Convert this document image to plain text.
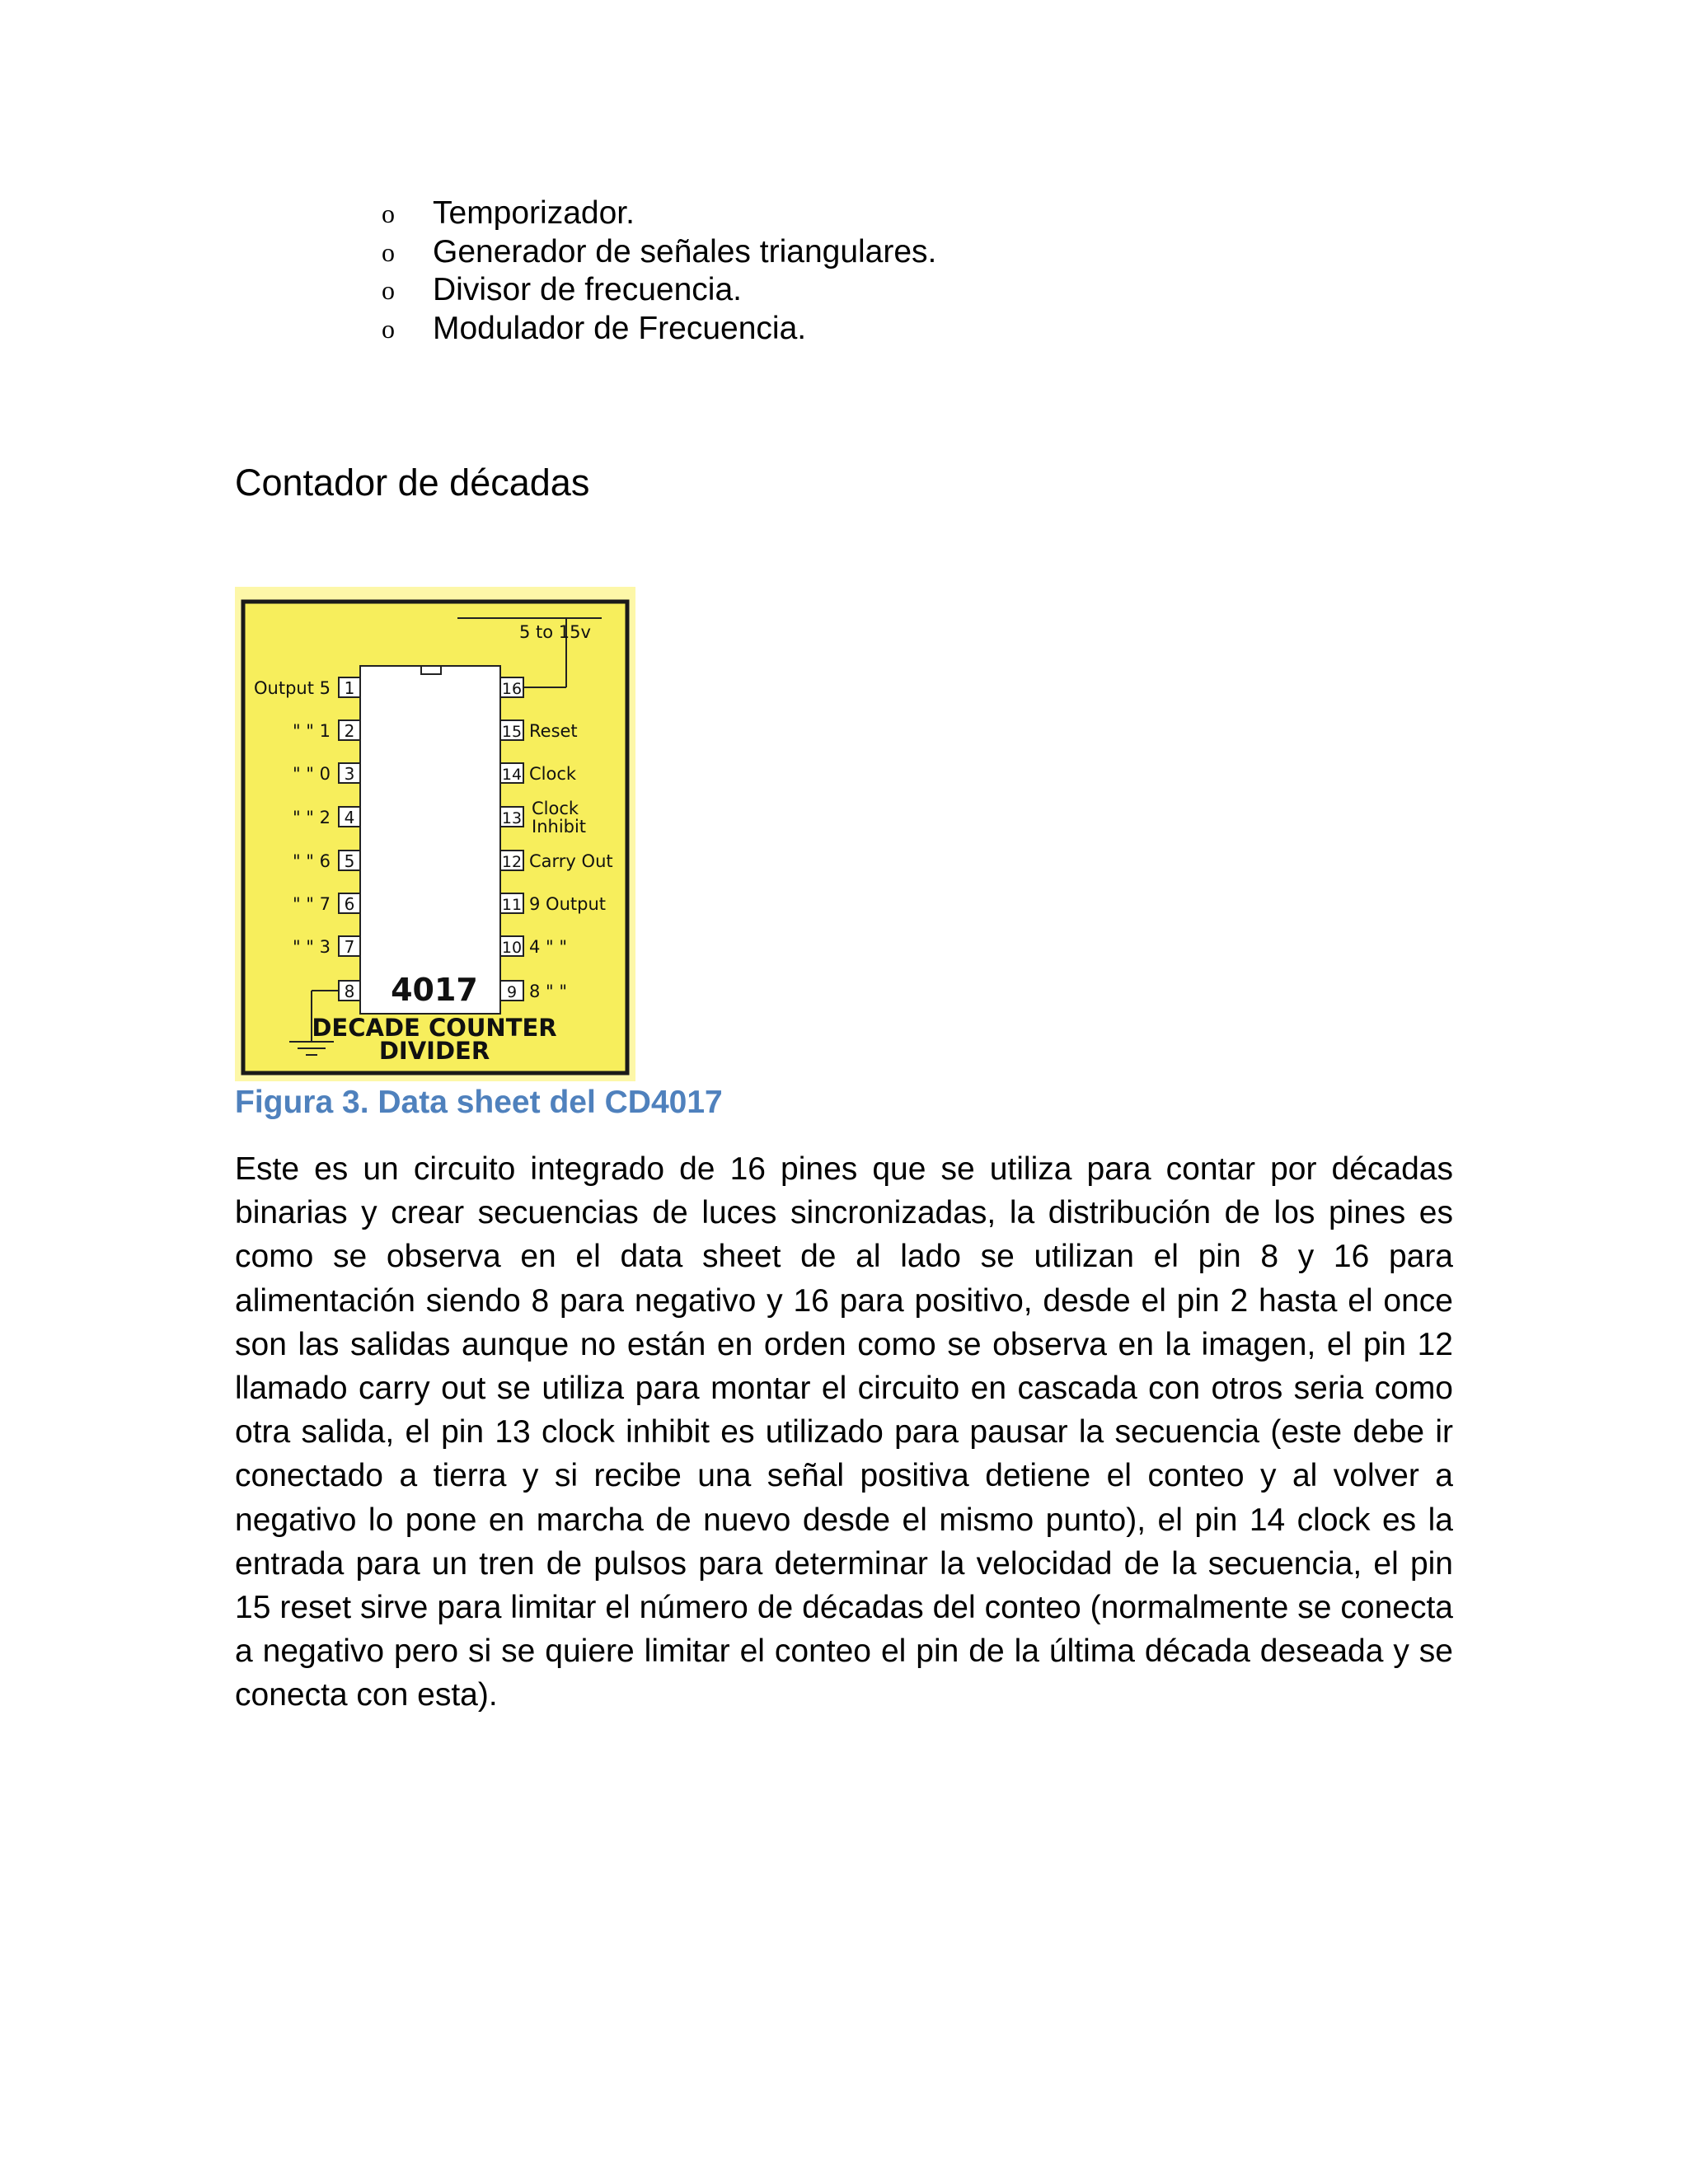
o Temporizador.
o Generador de señales triangulares.
o Divisor de frecuencia.
o Modulador de Frecuencia.
Contador de décadas
5 to 15v
4017
1
Output 5
2
" " 1
3
" " 0
4
" " 2
5
" " 6
6
" " 7
7
" " 3
8
16
15 Reset
14 Clock
13 Clock
Inhibit
12 Carry Out
11 9 Output
10 4 " "
9 8 " "
DECADE COUNTER
DIVIDER
Figura 3. Data sheet del CD4017

Este es un circuito integrado de 16 pines que se utiliza para contar por décadas binarias y crear secuencias de luces sincronizadas, la distribución de los pines es como se observa en el data sheet de al lado se utilizan el pin 8 y 16 para alimentación siendo 8 para negativo y 16 para positivo, desde el pin 2 hasta el once son las salidas aunque no están en orden como se observa en la imagen, el pin 12 llamado carry out se utiliza para montar el circuito en cascada con otros seria como otra salida, el pin 13 clock inhibit es utilizado para pausar la secuencia (este debe ir conectado a tierra y si recibe una señal positiva detiene el conteo y al volver a negativo lo pone en marcha de nuevo desde el mismo punto), el pin 14 clock es la entrada para un tren de pulsos para determinar la velocidad de la secuencia, el pin 15 reset sirve para limitar el número de décadas del conteo (normalmente se conecta a negativo pero si se quiere limitar el conteo el pin de la última década deseada y se conecta con esta).
